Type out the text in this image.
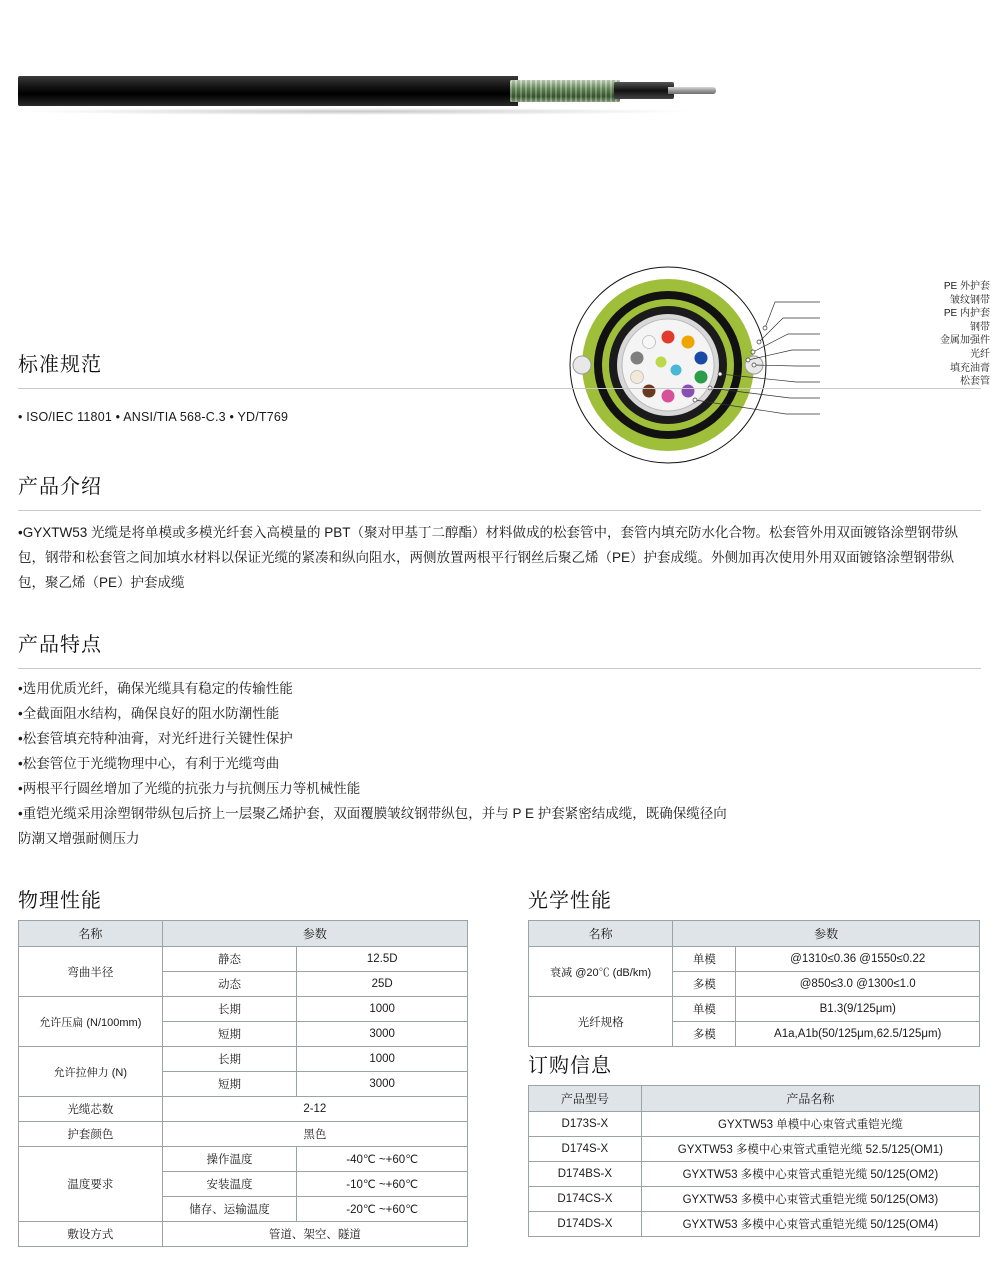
PE 外护套
皱纹钢带
PE 内护套
钢带
金属加强件
光纤
填充油膏
松套管
标准规范
• ISO/IEC 11801 • ANSI/TIA 568-C.3 • YD/T769
产品介绍
•GYXTW53 光缆是将单模或多模光纤套入高模量的 PBT（聚对甲基丁二醇酯）材料做成的松套管中，套管内填充防水化合物。松套管外用双面镀铬涂塑钢带纵包，钢带和松套管之间加填水材料以保证光缆的紧凑和纵向阻水，两侧放置两根平行钢丝后聚乙烯（PE）护套成缆。外侧加再次使用外用双面镀铬涂塑钢带纵包，聚乙烯（PE）护套成缆
产品特点
•选用优质光纤，确保光缆具有稳定的传输性能
•全截面阻水结构，确保良好的阻水防潮性能
•松套管填充特种油膏，对光纤进行关键性保护
•松套管位于光缆物理中心，有利于光缆弯曲
•两根平行圆丝增加了光缆的抗张力与抗侧压力等机械性能
•重铠光缆采用涂塑钢带纵包后挤上一层聚乙烯护套，双面覆膜皱纹钢带纵包，并与 P E 护套紧密结成缆，既确保缆径向
防潮又增强耐侧压力
物理性能
名称	参数	
弯曲半径	静态	12.5D
	动态	25D
允许压扁 (N/100mm)	长期	1000
	短期	3000
允许拉伸力 (N)	长期	1000
	短期	3000
光缆芯数	2-12	
护套颜色	黑色	
温度要求	操作温度	-40℃ ~+60℃
	安装温度	-10℃ ~+60℃
	储存、运输温度	-20℃ ~+60℃
敷设方式	管道、架空、隧道	
光学性能
名称	参数	
衰减 @20℃ (dB/km)	单模	@1310≤0.36 @1550≤0.22
	多模	@850≤3.0 @1300≤1.0
光纤规格	单模	B1.3(9/125μm)
	多模	A1a,A1b(50/125μm,62.5/125μm)
订购信息
产品型号	产品名称
D173S-X	GYXTW53 单模中心束管式重铠光缆
D174S-X	GYXTW53 多模中心束管式重铠光缆 52.5/125(OM1)
D174BS-X	GYXTW53 多模中心束管式重铠光缆 50/125(OM2)
D174CS-X	GYXTW53 多模中心束管式重铠光缆 50/125(OM3)
D174DS-X	GYXTW53 多模中心束管式重铠光缆 50/125(OM4)
